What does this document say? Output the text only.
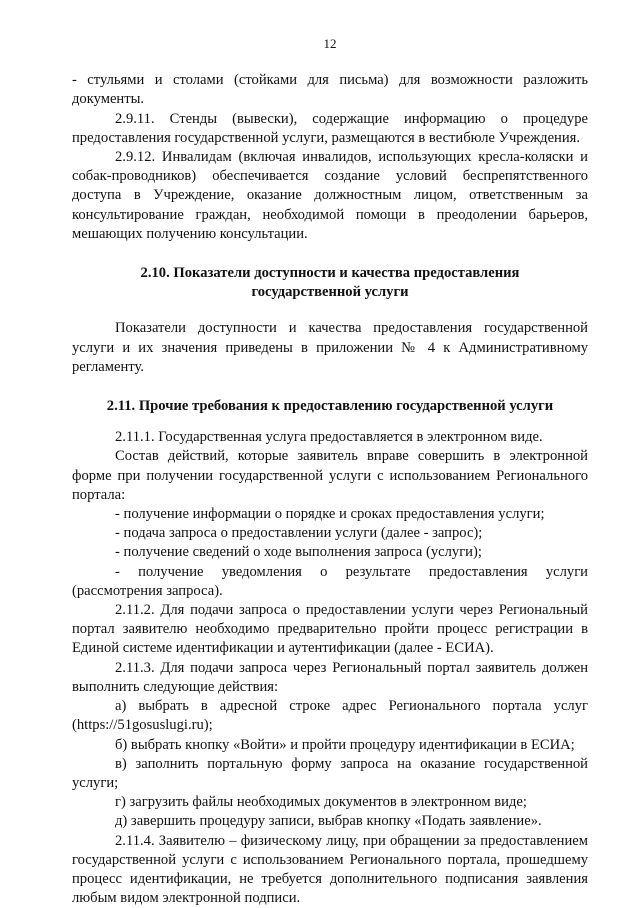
12

- стульями и столами (стойками для письма) для возможности разложить документы.

2.9.11. Стенды (вывески), содержащие информацию о процедуре предоставления государственной услуги, размещаются в вестибюле Учреждения.

2.9.12. Инвалидам (включая инвалидов, использующих кресла-коляски и собак-проводников) обеспечивается создание условий беспрепятственного доступа в Учреждение, оказание должностным лицом, ответственным за консультирование граждан, необходимой помощи в преодолении барьеров, мешающих получению консультации.

2.10. Показатели доступности и качества предоставления
государственной услуги

Показатели доступности и качества предоставления государственной услуги и их значения приведены в приложении № 4 к Административному регламенту.

2.11. Прочие требования к предоставлению государственной услуги

2.11.1. Государственная услуга предоставляется в электронном виде.

Состав действий, которые заявитель вправе совершить в электронной форме при получении государственной услуги с использованием Регионального портала:

- получение информации о порядке и сроках предоставления услуги;

- подача запроса о предоставлении услуги (далее - запрос);

- получение сведений о ходе выполнения запроса (услуги);

- получение уведомления о результате предоставления услуги (рассмотрения запроса).

2.11.2. Для подачи запроса о предоставлении услуги через Региональный портал заявителю необходимо предварительно пройти процесс регистрации в Единой системе идентификации и аутентификации (далее - ЕСИА).

2.11.3. Для подачи запроса через Региональный портал заявитель должен выполнить следующие действия:

а) выбрать в адресной строке адрес Регионального портала услуг (https://51gosuslugi.ru);

б) выбрать кнопку «Войти» и пройти процедуру идентификации в ЕСИА;

в) заполнить портальную форму запроса на оказание государственной услуги;

г) загрузить файлы необходимых документов в электронном виде;

д) завершить процедуру записи, выбрав кнопку «Подать заявление».

2.11.4. Заявителю – физическому лицу, при обращении за предоставлением государственной услуги с использованием Регионального портала, прошедшему процесс идентификации, не требуется дополнительного подписания заявления любым видом электронной подписи.
